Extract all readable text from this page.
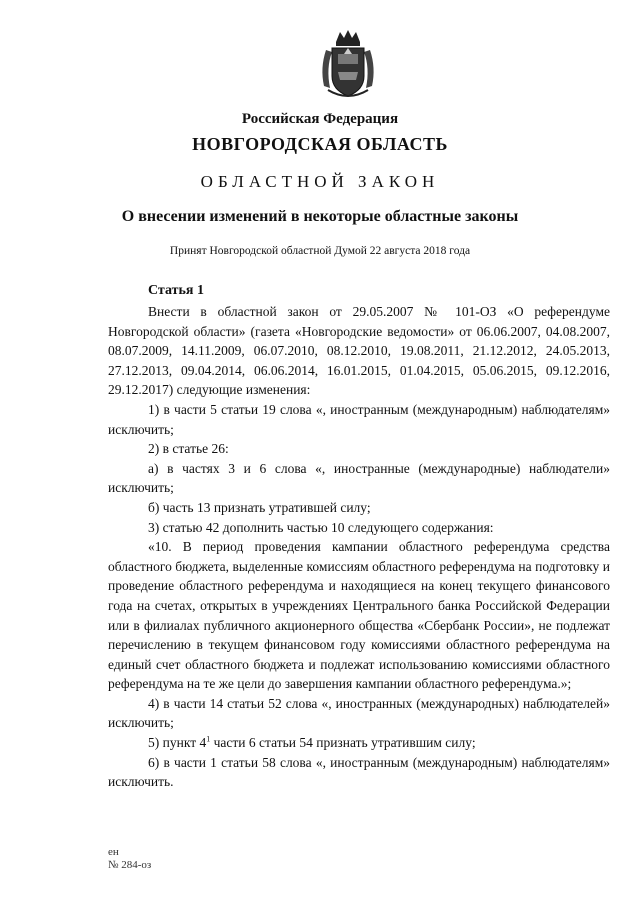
Российская Федерация
НОВГОРОДСКАЯ ОБЛАСТЬ
ОБЛАСТНОЙ ЗАКОН
О внесении изменений в некоторые областные законы
Принят Новгородской областной Думой 22 августа 2018 года
Статья 1

Внести в областной закон от 29.05.2007 № 101-ОЗ «О референдуме Новгородской области» (газета «Новгородские ведомости» от 06.06.2007, 04.08.2007, 08.07.2009, 14.11.2009, 06.07.2010, 08.12.2010, 19.08.2011, 21.12.2012, 24.05.2013, 27.12.2013, 09.04.2014, 06.06.2014, 16.01.2015, 01.04.2015, 05.06.2015, 09.12.2016, 29.12.2017) следующие изменения:

1) в части 5 статьи 19 слова «, иностранным (международным) наблюдателям» исключить;

2) в статье 26:

а) в частях 3 и 6 слова «, иностранные (международные) наблюдатели» исключить;

б) часть 13 признать утратившей силу;

3) статью 42 дополнить частью 10 следующего содержания:

«10. В период проведения кампании областного референдума средства областного бюджета, выделенные комиссиям областного референдума на подготовку и проведение областного референдума и находящиеся на конец текущего финансового года на счетах, открытых в учреждениях Центрального банка Российской Федерации или в филиалах публичного акционерного общества «Сбербанк России», не подлежат перечислению в текущем финансовом году комиссиями областного референдума на единый счет областного бюджета и подлежат использованию комиссиями областного референдума на те же цели до завершения кампании областного референдума.»;

4) в части 14 статьи 52 слова «, иностранных (международных) наблюдателей» исключить;

5) пункт $4^1$ части 6 статьи 54 признать утратившим силу;

6) в части 1 статьи 58 слова «, иностранным (международным) наблюдателям» исключить.

ен
№ 284-оз
